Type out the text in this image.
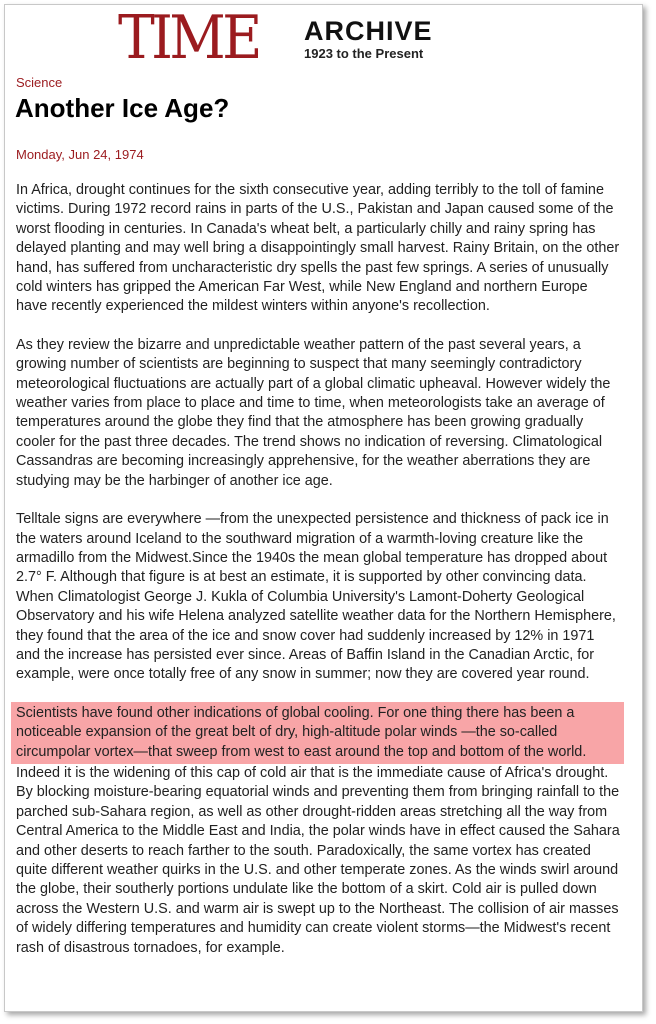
TIME ARCHIVE
1923 to the Present
Science
Another Ice Age?
Monday, Jun 24, 1974

In Africa, drought continues for the sixth consecutive year, adding terribly to the toll of famine victims. During 1972 record rains in parts of the U.S., Pakistan and Japan caused some of the worst flooding in centuries. In Canada's wheat belt, a particularly chilly and rainy spring has delayed planting and may well bring a disappointingly small harvest. Rainy Britain, on the other hand, has suffered from uncharacteristic dry spells the past few springs. A series of unusually cold winters has gripped the American Far West, while New England and northern Europe have recently experienced the mildest winters within anyone's recollection.

As they review the bizarre and unpredictable weather pattern of the past several years, a growing number of scientists are beginning to suspect that many seemingly contradictory meteorological fluctuations are actually part of a global climatic upheaval. However widely the weather varies from place to place and time to time, when meteorologists take an average of temperatures around the globe they find that the atmosphere has been growing gradually cooler for the past three decades. The trend shows no indication of reversing. Climatological Cassandras are becoming increasingly apprehensive, for the weather aberrations they are studying may be the harbinger of another ice age.

Telltale signs are everywhere —from the unexpected persistence and thickness of pack ice in the waters around Iceland to the southward migration of a warmth-loving creature like the armadillo from the Midwest.Since the 1940s the mean global temperature has dropped about 2.7° F. Although that figure is at best an estimate, it is supported by other convincing data. When Climatologist George J. Kukla of Columbia University's Lamont-Doherty Geological Observatory and his wife Helena analyzed satellite weather data for the Northern Hemisphere, they found that the area of the ice and snow cover had suddenly increased by 12% in 1971 and the increase has persisted ever since. Areas of Baffin Island in the Canadian Arctic, for example, were once totally free of any snow in summer; now they are covered year round.

Scientists have found other indications of global cooling. For one thing there has been a noticeable expansion of the great belt of dry, high-altitude polar winds —the so-called circumpolar vortex—that sweep from west to east around the top and bottom of the world.

Indeed it is the widening of this cap of cold air that is the immediate cause of Africa's drought. By blocking moisture-bearing equatorial winds and preventing them from bringing rainfall to the parched sub-Sahara region, as well as other drought-ridden areas stretching all the way from Central America to the Middle East and India, the polar winds have in effect caused the Sahara and other deserts to reach farther to the south. Paradoxically, the same vortex has created quite different weather quirks in the U.S. and other temperate zones. As the winds swirl around the globe, their southerly portions undulate like the bottom of a skirt. Cold air is pulled down across the Western U.S. and warm air is swept up to the Northeast. The collision of air masses of widely differing temperatures and humidity can create violent storms—the Midwest's recent rash of disastrous tornadoes, for example.
